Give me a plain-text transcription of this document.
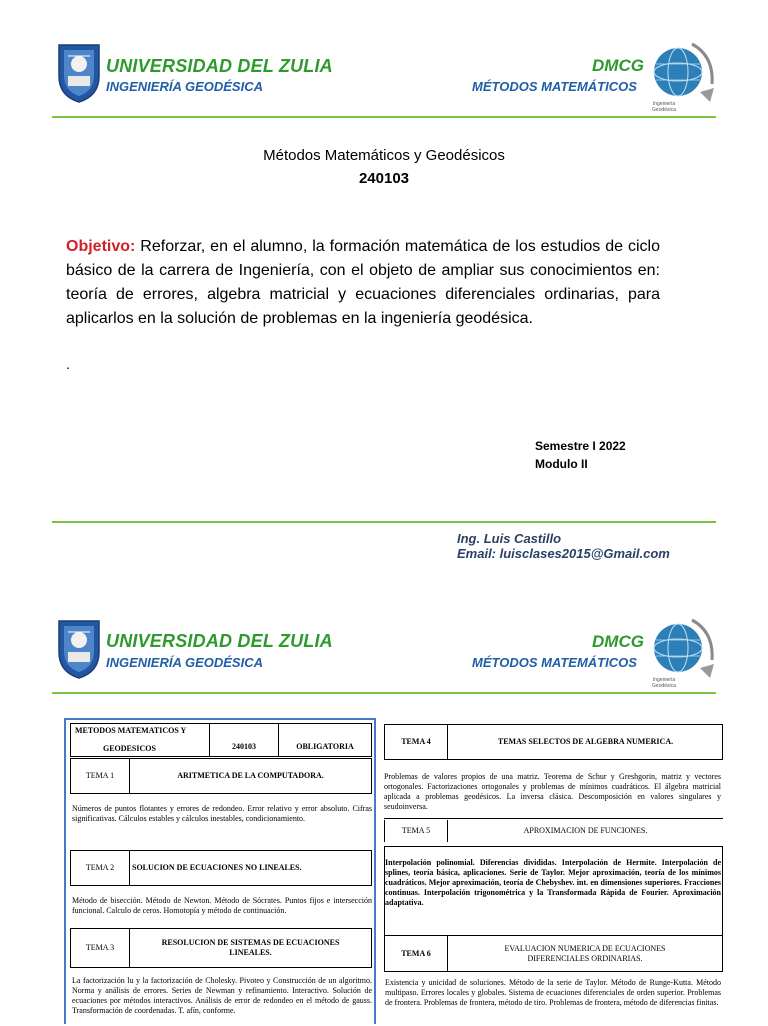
UNIVERSIDAD DEL ZULIA
INGENIERÍA GEODÉSICA
DMCG
MÉTODOS MATEMÁTICOS
Ingeniería
Geodésica
Métodos Matemáticos y Geodésicos
240103
Objetivo: Reforzar, en el alumno, la formación matemática de los estudios de ciclo básico de la carrera de Ingeniería, con el objeto de ampliar sus conocimientos en: teoría de errores, algebra matricial y ecuaciones diferenciales ordinarias, para aplicarlos en la solución de problemas en la ingeniería geodésica.
.
Semestre I 2022
Modulo II
Ing. Luis Castillo
Email: luisclases2015@Gmail.com
UNIVERSIDAD DEL ZULIA
INGENIERÍA GEODÉSICA
DMCG
MÉTODOS MATEMÁTICOS
Ingeniería
Geodésica
METODOS MATEMATICOS Y
GEODESICOS	240103	OBLIGATORIA
TEMA 1	ARITMETICA DE LA COMPUTADORA.
Números de puntos flotantes y errores de redondeo. Error relativo y error absoluto. Cifras significativas. Cálculos estables y cálculos inestables, condicionamiento.
TEMA 2 SOLUCION DE ECUACIONES NO LINEALES.
Método de bisección. Método de Newton. Método de Sócrates. Puntos fijos e intersección funcional. Calculo de ceros. Homotopía y método de continuación.
TEMA 3
RESOLUCION DE SISTEMAS DE ECUACIONES LINEALES.
La factorización lu y la factorización de Cholesky. Pivoteo y Construcción de un algoritmo. Norma y análisis de errores. Series de Newman y refinamiento. Interactivo. Solución de ecuaciones por métodos interactivos. Análisis de error de redondeo en el método de gauss. Transformación de coordenadas. T. afín, conforme.
TEMA 4	TEMAS SELECTOS DE ALGEBRA NUMERICA.
Problemas de valores propios de una matriz. Teorema de Schur y Greshgorin, matriz y vectores ortogonales. Factorizaciones ortogonales y problemas de mínimos cuadráticos. El álgebra matricial aplicada a problemas geodésicos. La inversa clásica. Descomposición en valores singulares y seudoinversa.
TEMA 5	APROXIMACION DE FUNCIONES.
Interpolación polinomial. Diferencias divididas. Interpolación de Hermite. Interpolación de splines, teoría básica, aplicaciones. Serie de Taylor. Mejor aproximación, teoría de los mínimos cuadráticos. Mejor aproximación, teoría de Chebyshev. int. en dimensiones superiores. Fracciones continuas. Interpolación trigonométrica y la Transformada Rápida de Fourier. Aproximación adaptativa.
TEMA 6
EVALUACION NUMERICA DE ECUACIONES DIFERENCIALES ORDINARIAS.
Existencia y unicidad de soluciones. Método de la serie de Taylor. Método de Runge-Kutta. Método multipaso. Errores locales y globales. Sistema de ecuaciones diferenciales de orden superior. Problemas de frontera. Problemas de frontera, método de tiro. Problemas de frontera, método de diferencias finitas.
